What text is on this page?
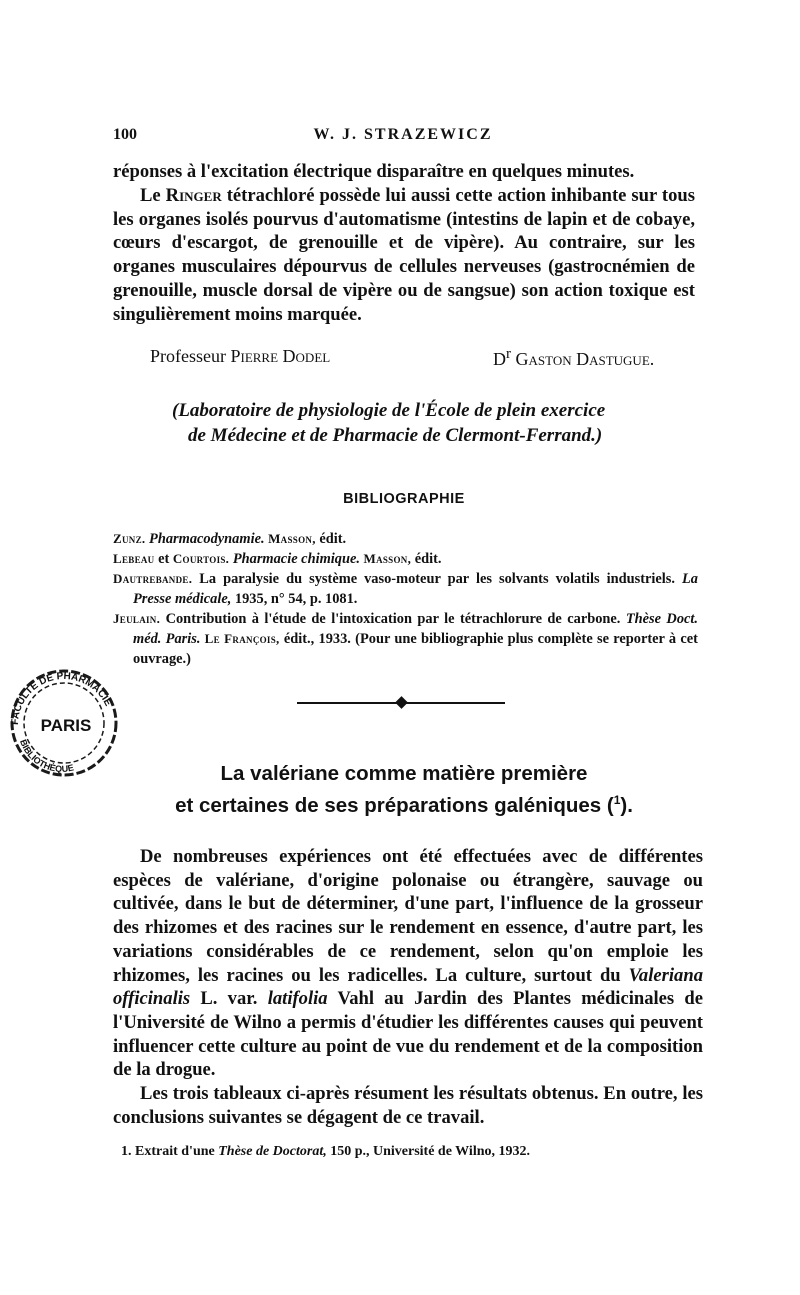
100	W. J. STRAZEWICZ

réponses à l'excitation électrique disparaître en quelques minutes.

Le Ringer tétrachloré possède lui aussi cette action inhibante sur tous les organes isolés pourvus d'automatisme (intestins de lapin et de cobaye, cœurs d'escargot, de grenouille et de vipère). Au contraire, sur les organes musculaires dépourvus de cellules nerveuses (gastrocnémien de grenouille, muscle dorsal de vipère ou de sangsue) son action toxique est singulièrement moins marquée.

Professeur Pierre Dodel	$D^r$ Gaston Dastugue.

(Laboratoire de physiologie de l'École de plein exercice

de Médecine et de Pharmacie de Clermont-Ferrand.)

BIBLIOGRAPHIE

Zunz. Pharmacodynamie. Masson, édit.

Lebeau et Courtois. Pharmacie chimique. Masson, édit.

Dautrebande. La paralysie du système vaso-moteur par les solvants volatils industriels. La Presse médicale, 1935, n° 54, p. 1081.

Jeulain. Contribution à l'étude de l'intoxication par le tétrachlorure de carbone. Thèse Doct. méd. Paris. Le François, édit., 1933. (Pour une bibliographie plus complète se reporter à cet ouvrage.)

La valériane comme matière première

et certaines de ses préparations galéniques ($^1$).

De nombreuses expériences ont été effectuées avec de différentes espèces de valériane, d'origine polonaise ou étrangère, sauvage ou cultivée, dans le but de déterminer, d'une part, l'influence de la grosseur des rhizomes et des racines sur le rendement en essence, d'autre part, les variations considérables de ce rendement, selon qu'on emploie les rhizomes, les racines ou les radicelles. La culture, surtout du Valeriana officinalis L. var. latifolia Vahl au Jardin des Plantes médicinales de l'Université de Wilno a permis d'étudier les différentes causes qui peuvent influencer cette culture au point de vue du rendement et de la composition de la drogue.

Les trois tableaux ci-après résument les résultats obtenus. En outre, les conclusions suivantes se dégagent de ce travail.

1. Extrait d'une Thèse de Doctorat, 150 p., Université de Wilno, 1932.
FACULTÉ DE PHARMACIE
PARIS
BIBLIOTHÈQUE
